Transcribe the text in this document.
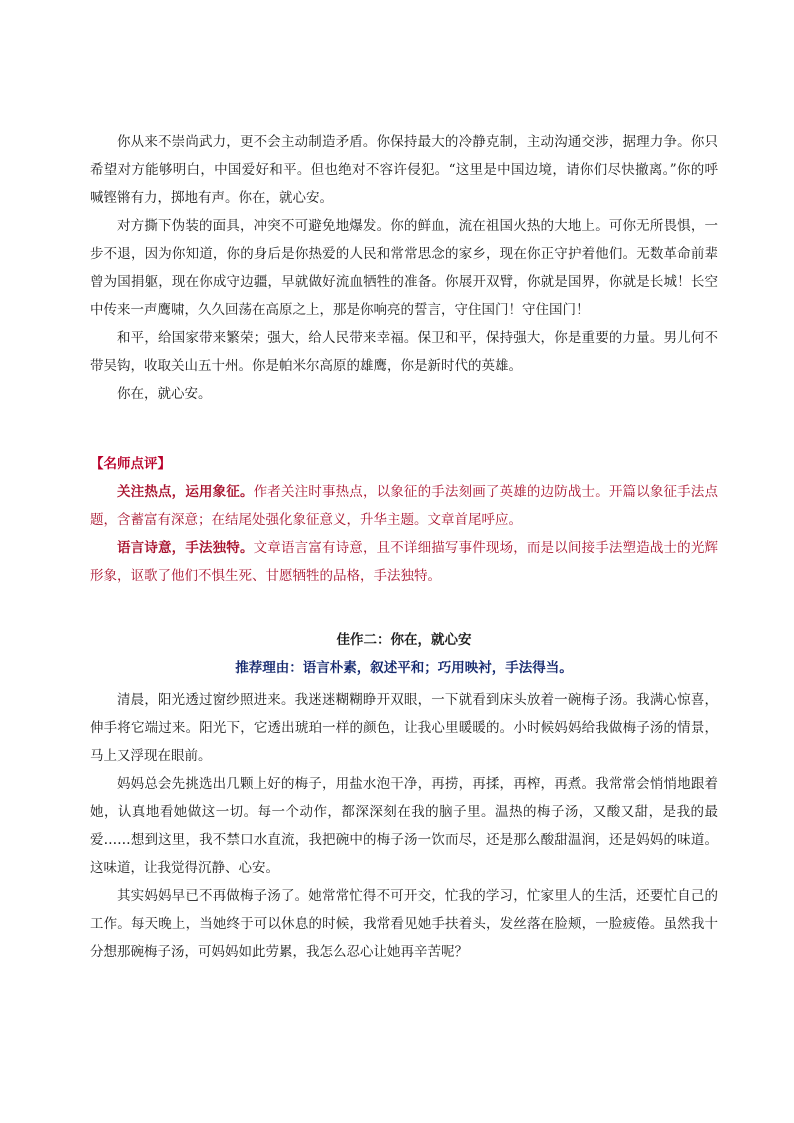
你从来不崇尚武力，更不会主动制造矛盾。你保持最大的冷静克制，主动沟通交涉，据理力争。你只希望对方能够明白，中国爱好和平。但也绝对不容许侵犯。“这里是中国边境，请你们尽快撤离。”你的呼喊铿锵有力，掷地有声。你在，就心安。

对方撕下伪装的面具，冲突不可避免地爆发。你的鲜血，流在祖国火热的大地上。可你无所畏惧，一步不退，因为你知道，你的身后是你热爱的人民和常常思念的家乡，现在你正守护着他们。无数革命前辈曾为国捐躯，现在你成守边疆，早就做好流血牺牲的准备。你展开双臂，你就是国界，你就是长城！长空中传来一声鹰啸，久久回荡在高原之上，那是你响亮的誓言，守住国门！守住国门！

和平，给国家带来繁荣；强大，给人民带来幸福。保卫和平，保持强大，你是重要的力量。男儿何不带吴钩，收取关山五十州。你是帕米尔高原的雄鹰，你是新时代的英雄。

你在，就心安。

【名师点评】

关注热点，运用象征。作者关注时事热点，以象征的手法刻画了英雄的边防战士。开篇以象征手法点题，含蓄富有深意；在结尾处强化象征意义，升华主题。文章首尾呼应。

语言诗意，手法独特。文章语言富有诗意，且不详细描写事件现场，而是以间接手法塑造战士的光辉形象，讴歌了他们不惧生死、甘愿牺牲的品格，手法独特。

佳作二：你在，就心安

推荐理由：语言朴素，叙述平和；巧用映衬，手法得当。

清晨，阳光透过窗纱照进来。我迷迷糊糊睁开双眼，一下就看到床头放着一碗梅子汤。我满心惊喜，伸手将它端过来。阳光下，它透出琥珀一样的颜色，让我心里暖暖的。小时候妈妈给我做梅子汤的情景，马上又浮现在眼前。

妈妈总会先挑选出几颗上好的梅子，用盐水泡干净，再捞，再揉，再榨，再煮。我常常会悄悄地跟着她，认真地看她做这一切。每一个动作，都深深刻在我的脑子里。温热的梅子汤，又酸又甜，是我的最爱……想到这里，我不禁口水直流，我把碗中的梅子汤一饮而尽，还是那么酸甜温润，还是妈妈的味道。这味道，让我觉得沉静、心安。

其实妈妈早已不再做梅子汤了。她常常忙得不可开交，忙我的学习，忙家里人的生活，还要忙自己的工作。每天晚上，当她终于可以休息的时候，我常看见她手扶着头，发丝落在脸颊，一脸疲倦。虽然我十分想那碗梅子汤，可妈妈如此劳累，我怎么忍心让她再辛苦呢？
